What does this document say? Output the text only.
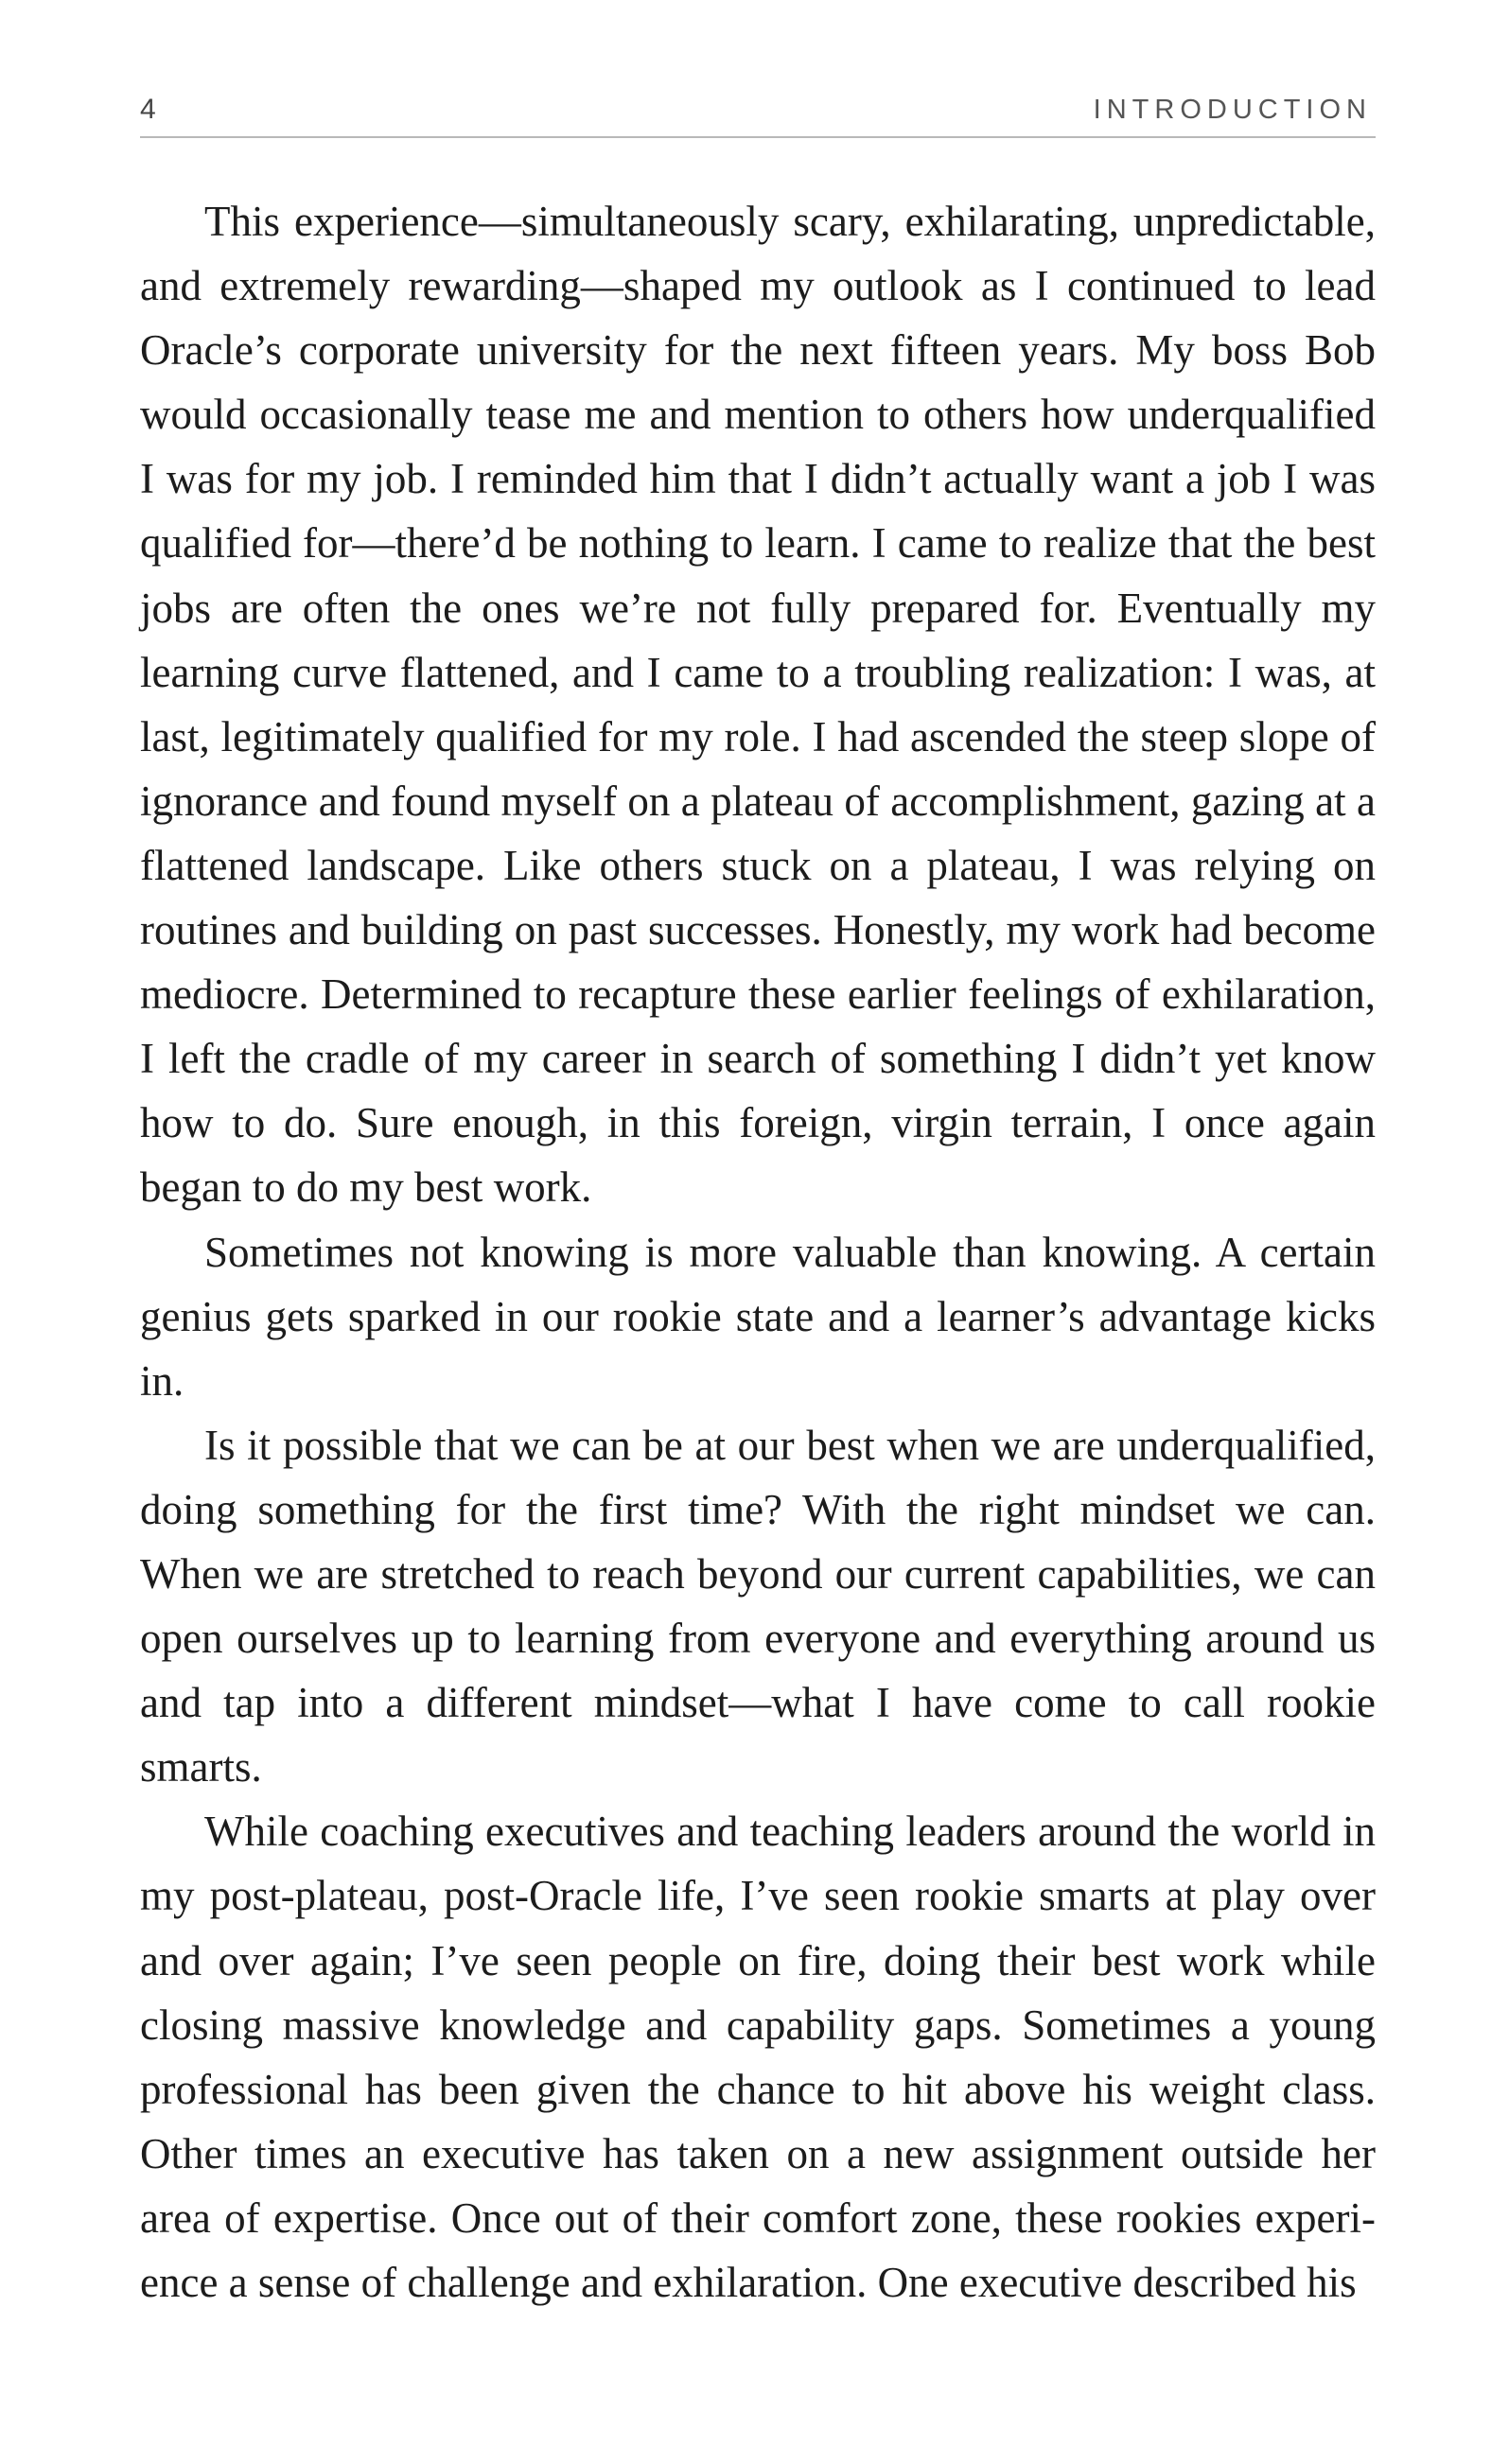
4	INTRODUCTION

This experience—simultaneously scary, exhilarating, unpredictable, and extremely rewarding—shaped my outlook as I continued to lead Oracle’s corporate university for the next fifteen years. My boss Bob would occasionally tease me and mention to others how underqualified I was for my job. I reminded him that I didn’t actually want a job I was qualified for—there’d be nothing to learn. I came to realize that the best jobs are often the ones we’re not fully prepared for. Eventually my learning curve flattened, and I came to a troubling realization: I was, at last, legitimately qualified for my role. I had ascended the steep slope of ignorance and found myself on a plateau of accomplishment, gazing at a flattened landscape. Like others stuck on a plateau, I was relying on routines and building on past successes. Honestly, my work had become mediocre. Determined to recapture these earlier feelings of exhilaration, I left the cradle of my career in search of something I didn’t yet know how to do. Sure enough, in this foreign, virgin terrain, I once again began to do my best work.

Sometimes not knowing is more valuable than knowing. A certain genius gets sparked in our rookie state and a learner’s advantage kicks in.

Is it possible that we can be at our best when we are underqualified, doing something for the first time? With the right mindset we can. When we are stretched to reach beyond our current capabilities, we can open ourselves up to learning from everyone and everything around us and tap into a different mindset—what I have come to call rookie smarts.

While coaching executives and teaching leaders around the world in my post-plateau, post-Oracle life, I’ve seen rookie smarts at play over and over again; I’ve seen people on fire, doing their best work while closing massive knowledge and capability gaps. Sometimes a young professional has been given the chance to hit above his weight class. Other times an executive has taken on a new assignment outside her area of expertise. Once out of their comfort zone, these rookies experience a sense of challenge and exhilaration. One executive described his
